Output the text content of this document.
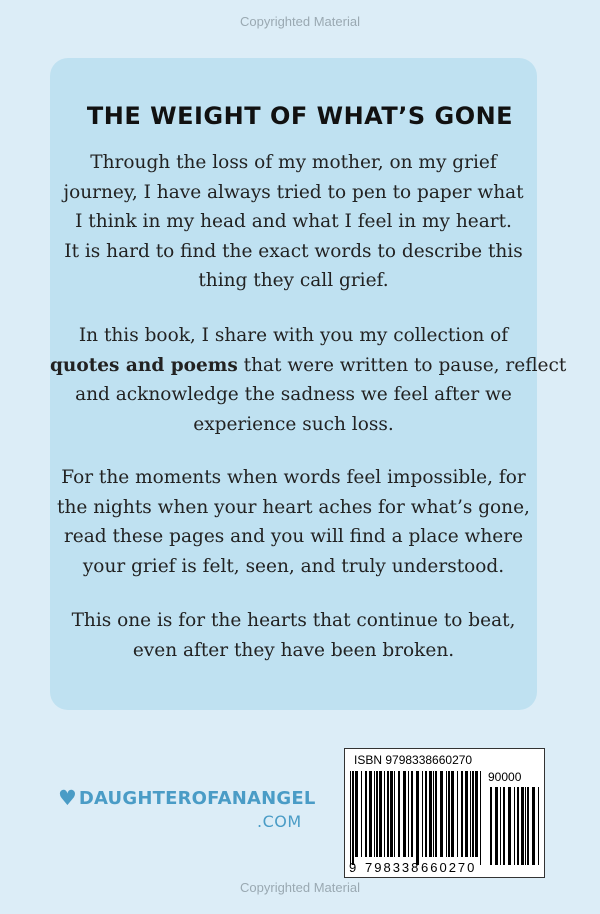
Copyrighted Material
THE WEIGHT OF WHAT’S GONE
Through the loss of my mother, on my grief
journey, I have always tried to pen to paper what
I think in my head and what I feel in my heart.
It is hard to find the exact words to describe this
thing they call grief.
In this book, I share with you my collection of
quotes and poems that were written to pause, reflect
and acknowledge the sadness we feel after we
experience such loss.
For the moments when words feel impossible, for
the nights when your heart aches for what’s gone,
read these pages and you will find a place where
your grief is felt, seen, and truly understood.
This one is for the hearts that continue to beat,
even after they have been broken.
♥ DAUGHTEROFANANGEL
.COM
ISBN 9798338660270
90000
9 798338 660270
Copyrighted Material
